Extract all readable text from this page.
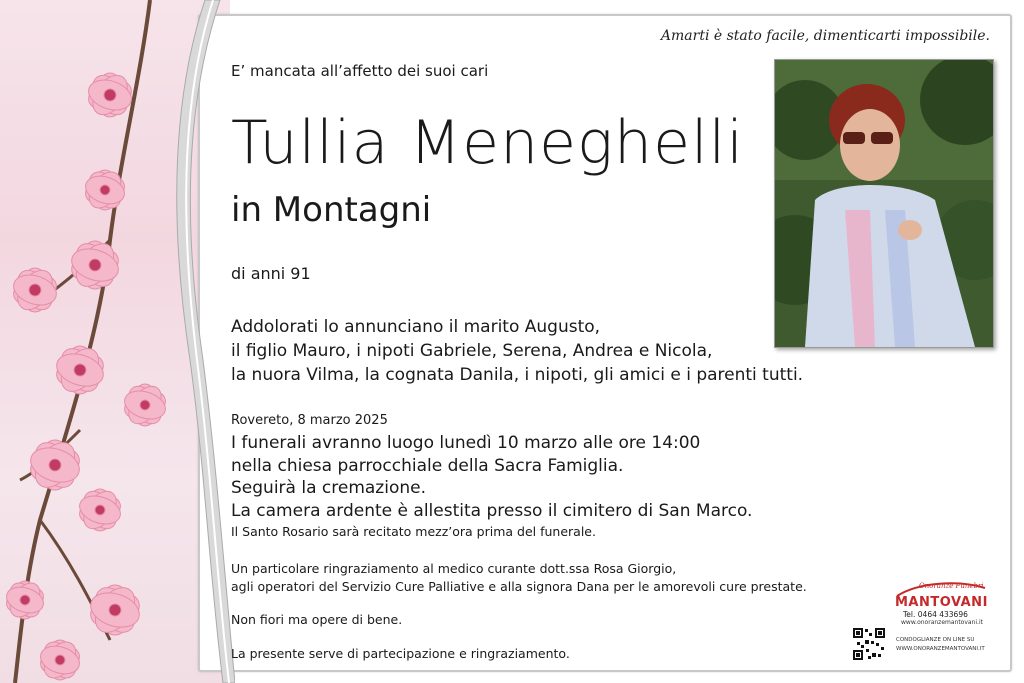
Amarti è stato facile, dimenticarti impossibile.
E’ mancata all’affetto dei suoi cari
Tullia Meneghelli
in Montagni
di anni 91
Addolorati lo annunciano il marito Augusto,
il figlio Mauro, i nipoti Gabriele, Serena, Andrea e Nicola,
la nuora Vilma, la cognata Danila, i nipoti, gli amici e i parenti tutti.
Rovereto, 8 marzo 2025
I funerali avranno luogo lunedì 10 marzo alle ore 14:00
nella chiesa parrocchiale della Sacra Famiglia.
Seguirà la cremazione.
La camera ardente è allestita presso il cimitero di San Marco.
Il Santo Rosario sarà recitato mezz’ora prima del funerale.
Un particolare ringraziamento al medico curante dott.ssa Rosa Giorgio,
agli operatori del Servizio Cure Palliative e alla signora Dana per le amorevoli cure prestate.
Non fiori ma opere di bene.
La presente serve di partecipazione e ringraziamento.
Onoranze Funebri
MANTOVANI
Tel. 0464 433696
www.onoranzemantovani.it
CONDOGLIANZE ON LINE SU
WWW.ONORANZEMANTOVANI.IT
